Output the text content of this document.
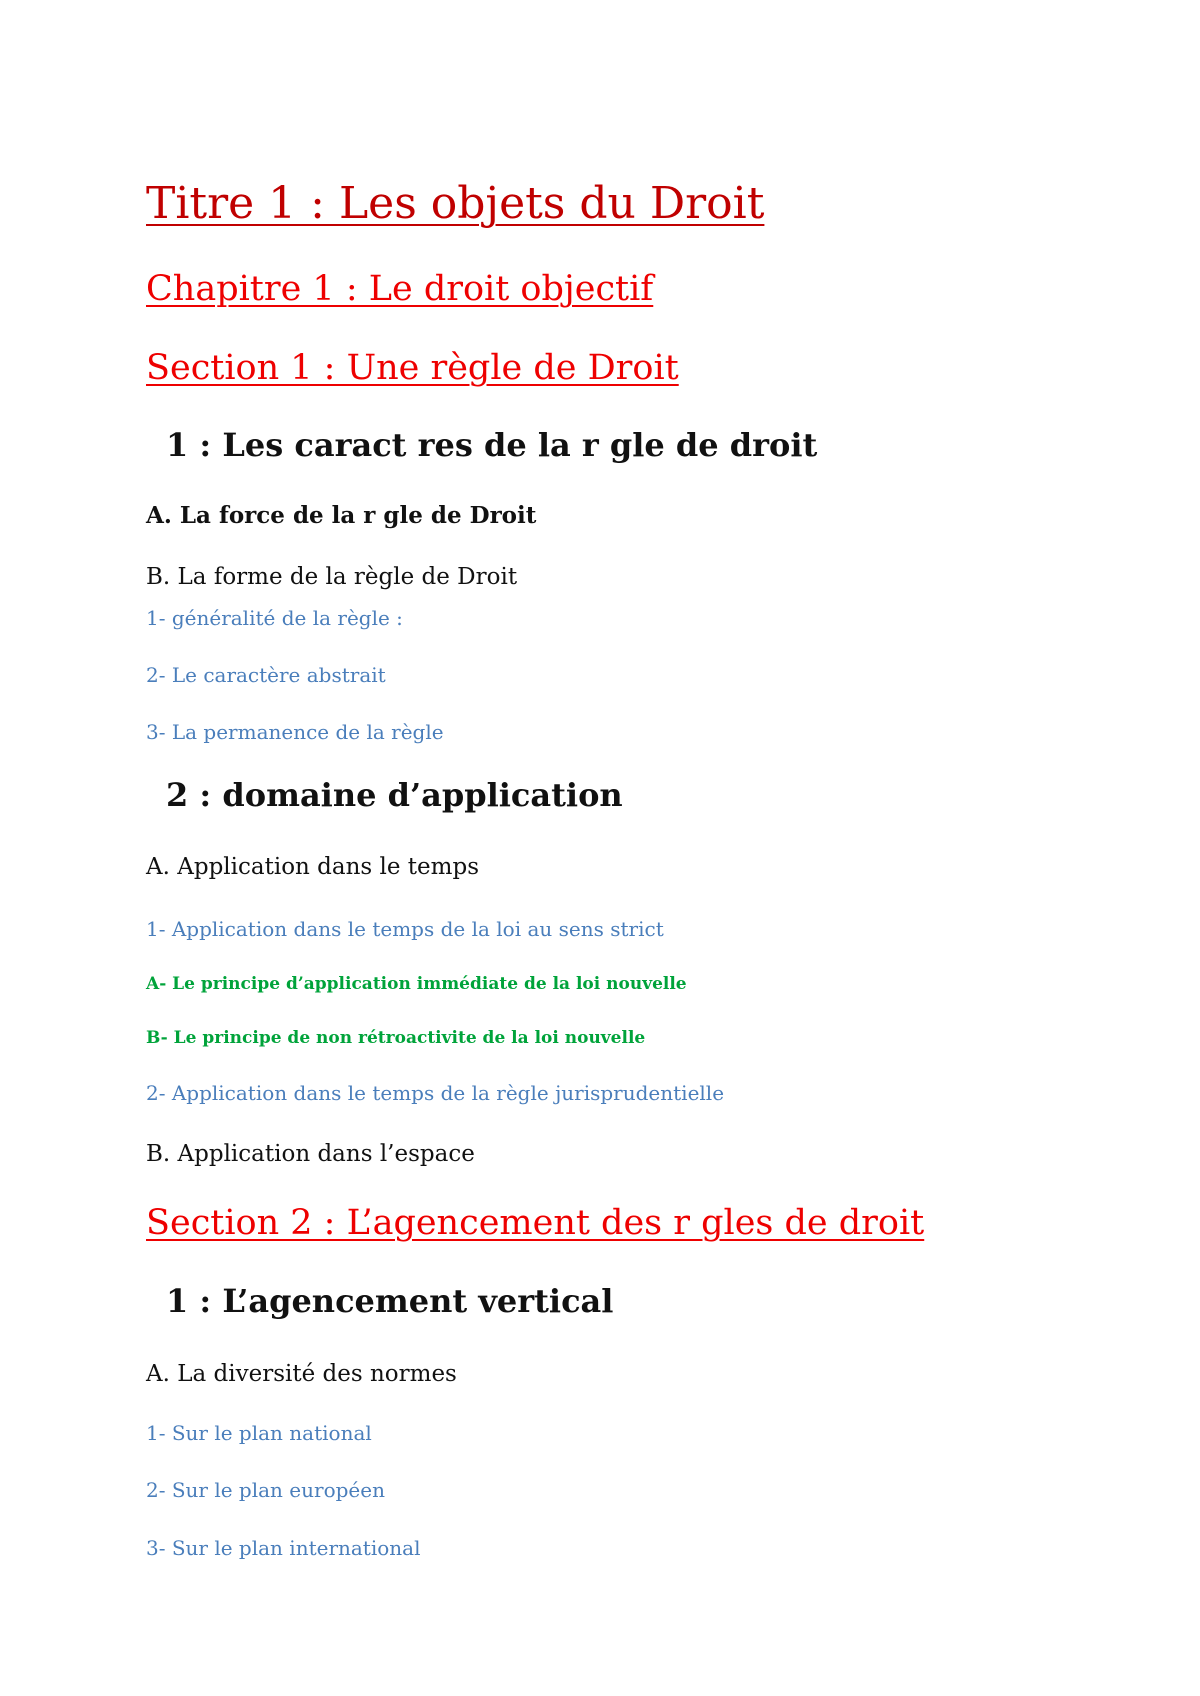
Titre 1 : Les objets du Droit

Chapitre 1 : Le droit objectif

Section 1 : Une règle de Droit

1 : Les caract res de la r gle de droit

A. La force de la r gle de Droit

B. La forme de la règle de Droit

1- généralité de la règle :

2- Le caractère abstrait

3- La permanence de la règle

2 : domaine d’application

A. Application dans le temps

1- Application dans le temps de la loi au sens strict

A- Le principe d’application immédiate de la loi nouvelle

B- Le principe de non rétroactivite de la loi nouvelle

2- Application dans le temps de la règle jurisprudentielle

B. Application dans l’espace

Section 2 : L’agencement des r gles de droit

1 : L’agencement vertical

A. La diversité des normes

1- Sur le plan national

2- Sur le plan européen

3- Sur le plan international
